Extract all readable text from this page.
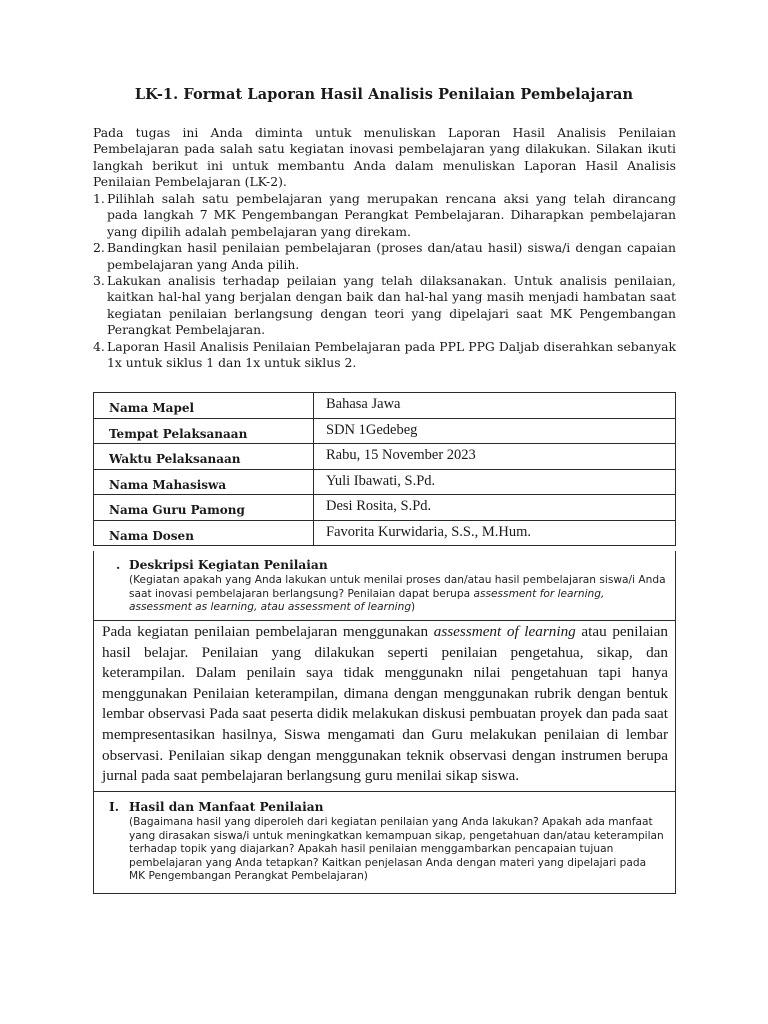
LK-1. Format Laporan Hasil Analisis Penilaian Pembelajaran
Pada tugas ini Anda diminta untuk menuliskan Laporan Hasil Analisis Penilaian Pembelajaran pada salah satu kegiatan inovasi pembelajaran yang dilakukan. Silakan ikuti langkah berikut ini untuk membantu Anda dalam menuliskan Laporan Hasil Analisis Penilaian Pembelajaran (LK-2).
1. Pilihlah salah satu pembelajaran yang merupakan rencana aksi yang telah dirancang pada langkah 7 MK Pengembangan Perangkat Pembelajaran. Diharapkan pembelajaran yang dipilih adalah pembelajaran yang direkam.
2. Bandingkan hasil penilaian pembelajaran (proses dan/atau hasil) siswa/i dengan capaian pembelajaran yang Anda pilih.
3. Lakukan analisis terhadap peilaian yang telah dilaksanakan. Untuk analisis penilaian, kaitkan hal-hal yang berjalan dengan baik dan hal-hal yang masih menjadi hambatan saat kegiatan penilaian berlangsung dengan teori yang dipelajari saat MK Pengembangan Perangkat Pembelajaran.
4. Laporan Hasil Analisis Penilaian Pembelajaran pada PPL PPG Daljab diserahkan sebanyak 1x untuk siklus 1 dan 1x untuk siklus 2.
Nama Mapel	Bahasa Jawa
Tempat Pelaksanaan	SDN 1Gedebeg
Waktu Pelaksanaan	Rabu, 15 November 2023
Nama Mahasiswa	Yuli Ibawati, S.Pd.
Nama Guru Pamong	Desi Rosita, S.Pd.
Nama Dosen	Favorita Kurwidaria, S.S., M.Hum.
. Deskripsi Kegiatan Penilaian
(Kegiatan apakah yang Anda lakukan untuk menilai proses dan/atau hasil pembelajaran siswa/i Anda saat inovasi pembelajaran berlangsung? Penilaian dapat berupa assessment for learning, assessment as learning, atau assessment of learning)
Pada kegiatan penilaian pembelajaran menggunakan assessment of learning atau penilaian hasil belajar. Penilaian yang dilakukan seperti penilaian pengetahua, sikap, dan keterampilan. Dalam penilain saya tidak menggunakn nilai pengetahuan tapi hanya menggunakan Penilaian keterampilan, dimana dengan menggunakan rubrik dengan bentuk lembar observasi Pada saat peserta didik melakukan diskusi pembuatan proyek dan pada saat mempresentasikan hasilnya, Siswa mengamati dan Guru melakukan penilaian di lembar observasi. Penilaian sikap dengan menggunakan teknik observasi dengan instrumen berupa jurnal pada saat pembelajaran berlangsung guru menilai sikap siswa.
I. Hasil dan Manfaat Penilaian
(Bagaimana hasil yang diperoleh dari kegiatan penilaian yang Anda lakukan? Apakah ada manfaat yang dirasakan siswa/i untuk meningkatkan kemampuan sikap, pengetahuan dan/atau keterampilan terhadap topik yang diajarkan? Apakah hasil penilaian menggambarkan pencapaian tujuan pembelajaran yang Anda tetapkan? Kaitkan penjelasan Anda dengan materi yang dipelajari pada MK Pengembangan Perangkat Pembelajaran)
